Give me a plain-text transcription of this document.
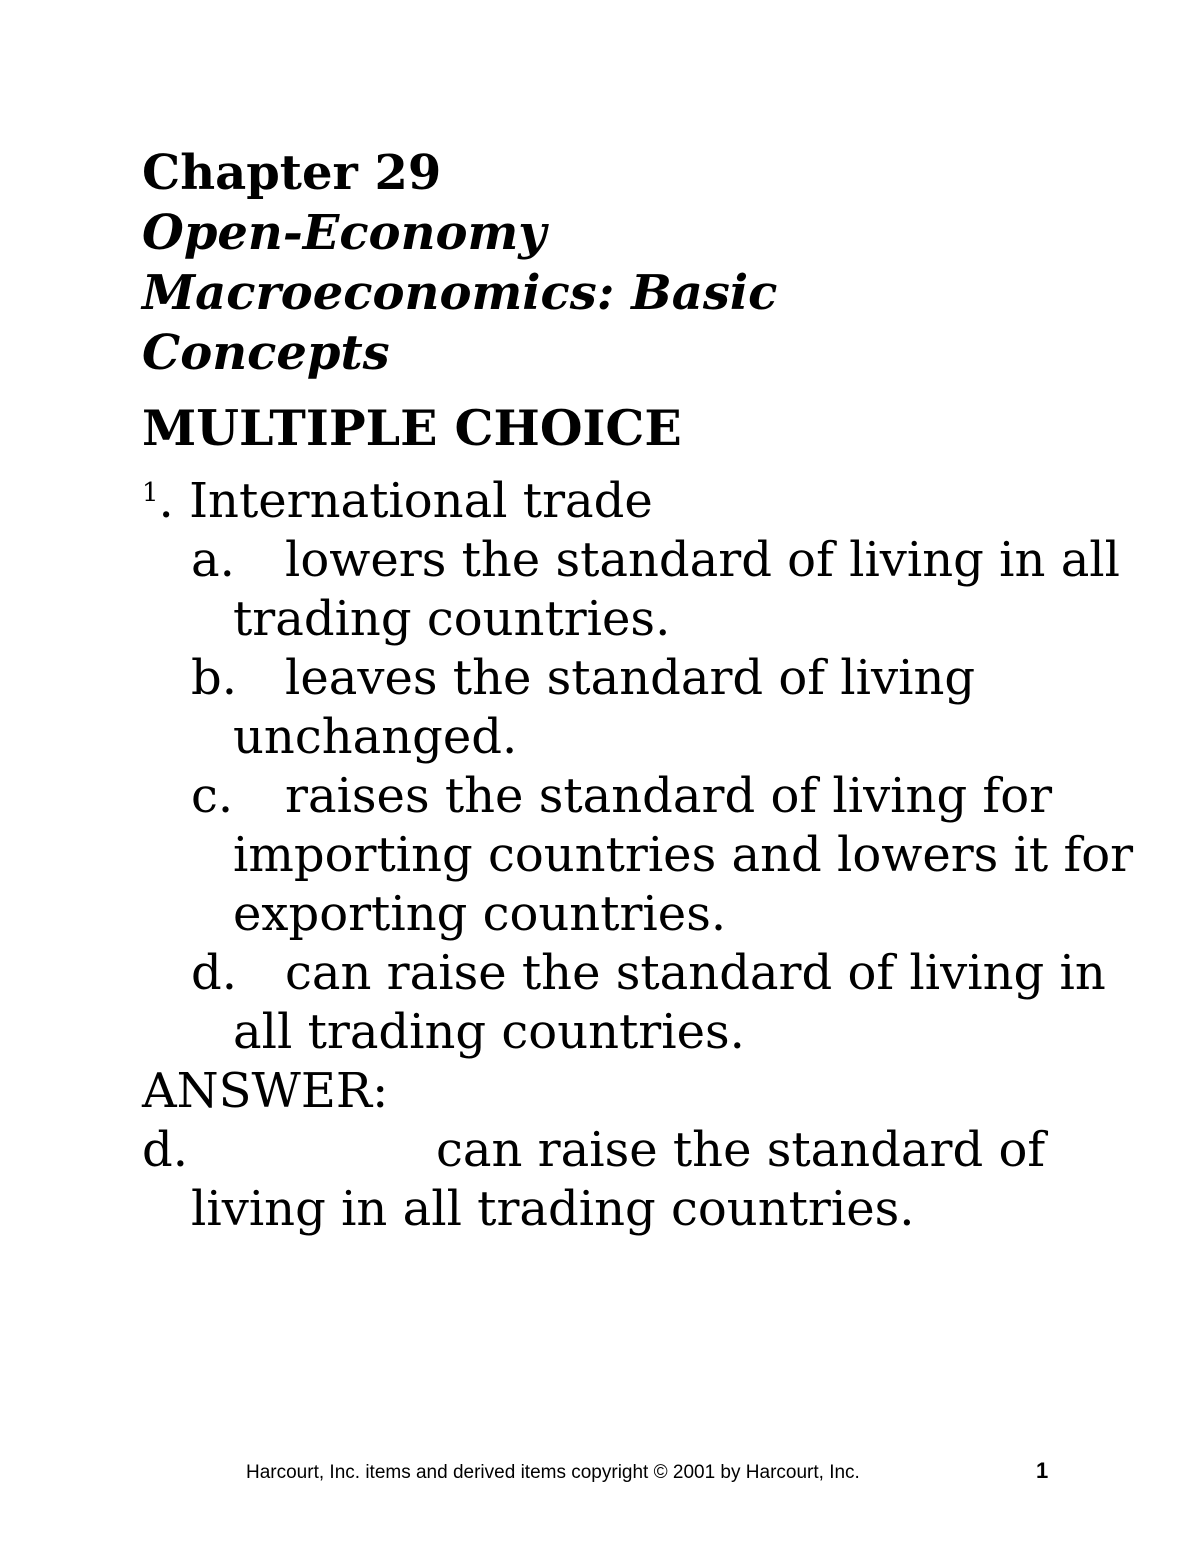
Chapter 29
Open-Economy
Macroeconomics: Basic
Concepts
MULTIPLE CHOICE
$^1$. International trade
a. lowers the standard of living in all trading countries.
b. leaves the standard of living unchanged.
c. raises the standard of living for importing countries and lowers it for exporting countries.
d. can raise the standard of living in all trading countries.
ANSWER: d.	can raise the standard of living in all trading countries.
Harcourt, Inc. items and derived items copyright © 2001 by Harcourt, Inc.	1
